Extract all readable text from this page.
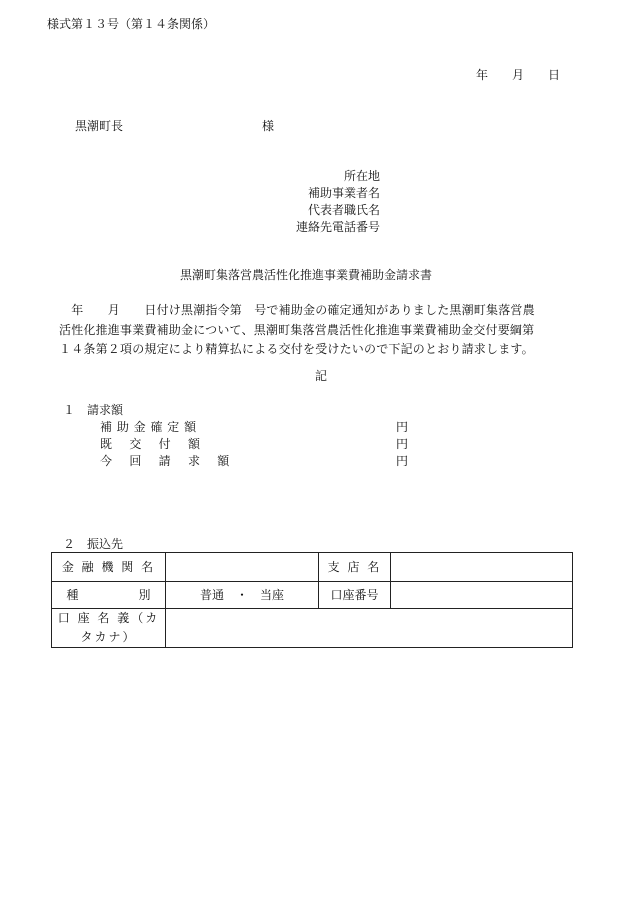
様式第１３号（第１４条関係）
年　　月　　日
黒潮町長	様
所在地
補助事業者名
代表者職氏名
連絡先電話番号
黒潮町集落営農活性化推進事業費補助金請求書
　年　　月　　日付け黒潮指令第　号で補助金の確定通知がありました黒潮町集落営農
活性化推進事業費補助金について、黒潮町集落営農活性化推進事業費補助金交付要綱第
１４条第２項の規定により精算払による交付を受けたいので下記のとおり請求します。
記
１　請求額
補 助 金 確 定 額	円
既　 交 　付 　額	円
今 　回 　請 　求 　額	円
２　振込先
金 融 機 関 名		支 店 名	
種　　　　　別	普通　・　当座	口座番号	
口 座 名 義（カタカナ）			
